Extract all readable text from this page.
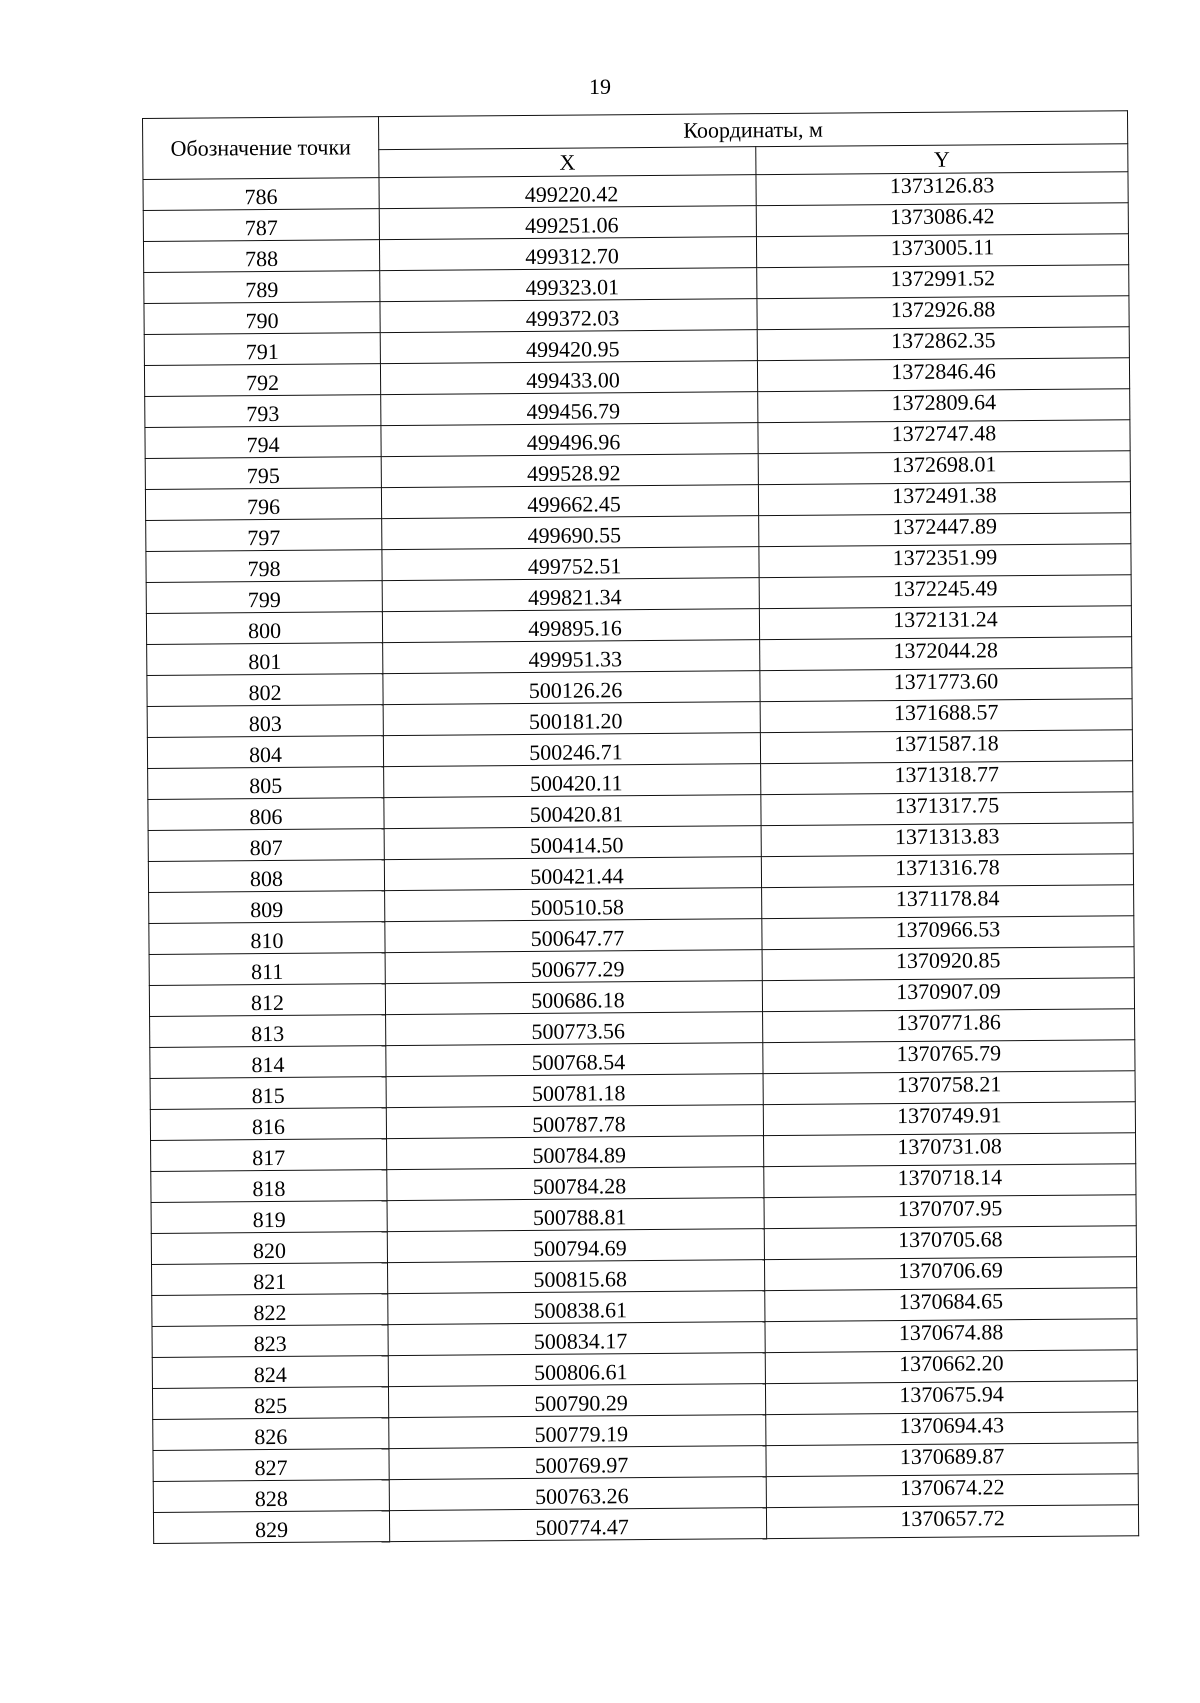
19
Обозначение точки	Координаты, м	
	X	Y
786	499220.42	1373126.83
787	499251.06	1373086.42
788	499312.70	1373005.11
789	499323.01	1372991.52
790	499372.03	1372926.88
791	499420.95	1372862.35
792	499433.00	1372846.46
793	499456.79	1372809.64
794	499496.96	1372747.48
795	499528.92	1372698.01
796	499662.45	1372491.38
797	499690.55	1372447.89
798	499752.51	1372351.99
799	499821.34	1372245.49
800	499895.16	1372131.24
801	499951.33	1372044.28
802	500126.26	1371773.60
803	500181.20	1371688.57
804	500246.71	1371587.18
805	500420.11	1371318.77
806	500420.81	1371317.75
807	500414.50	1371313.83
808	500421.44	1371316.78
809	500510.58	1371178.84
810	500647.77	1370966.53
811	500677.29	1370920.85
812	500686.18	1370907.09
813	500773.56	1370771.86
814	500768.54	1370765.79
815	500781.18	1370758.21
816	500787.78	1370749.91
817	500784.89	1370731.08
818	500784.28	1370718.14
819	500788.81	1370707.95
820	500794.69	1370705.68
821	500815.68	1370706.69
822	500838.61	1370684.65
823	500834.17	1370674.88
824	500806.61	1370662.20
825	500790.29	1370675.94
826	500779.19	1370694.43
827	500769.97	1370689.87
828	500763.26	1370674.22
829	500774.47	1370657.72
